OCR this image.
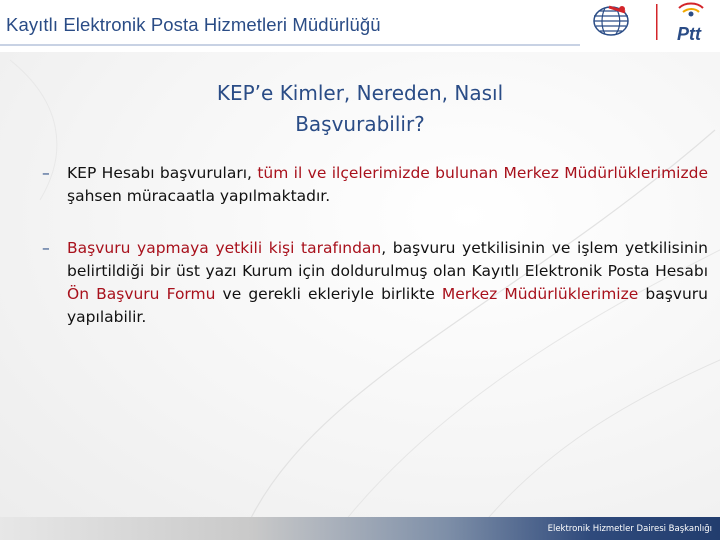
Kayıtlı Elektronik Posta Hizmetleri Müdürlüğü	Ptt
KEP’e Kimler, Nereden, Nasıl
Başvurabilir?
– KEP Hesabı başvuruları, tüm il ve ilçelerimizde bulunan Merkez Müdürlüklerimizde şahsen müracaatla yapılmaktadır.
– Başvuru yapmaya yetkili kişi tarafından, başvuru yetkilisinin ve işlem yetkilisinin belirtildiği bir üst yazı Kurum için doldurulmuş olan Kayıtlı Elektronik Posta Hesabı Ön Başvuru Formu ve gerekli ekleriyle birlikte Merkez Müdürlüklerimize başvuru yapılabilir.
Elektronik Hizmetler Dairesi Başkanlığı
